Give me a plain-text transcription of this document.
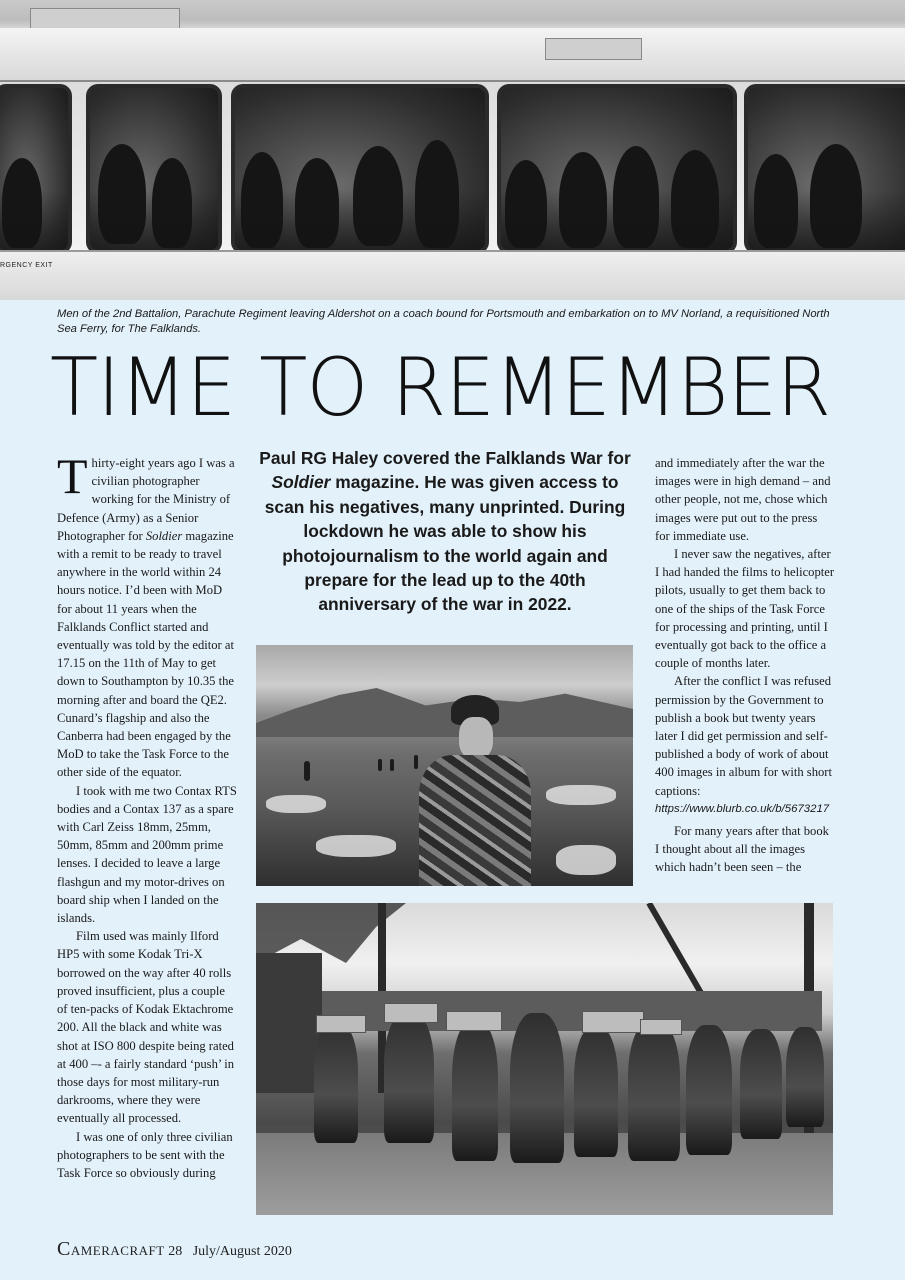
RGENCY EXIT
Men of the 2nd Battalion, Parachute Regiment leaving Aldershot on a coach bound for Portsmouth and embarkation on to MV Norland, a requisitioned North Sea Ferry, for The Falklands.
TIME TO REMEMBER

Thirty-eight years ago I was a civilian photographer working for the Ministry of Defence (Army) as a Senior Photographer for Soldier magazine with a remit to be ready to travel anywhere in the world within 24 hours notice. I’d been with MoD for about 11 years when the Falklands Conflict started and eventually was told by the editor at 17.15 on the 11th of May to get down to Southampton by 10.35 the morning after and board the QE2. Cunard’s flagship and also the Canberra had been engaged by the MoD to take the Task Force to the other side of the equator.

I took with me two Contax RTS bodies and a Contax 137 as a spare with Carl Zeiss 18mm, 25mm, 50mm, 85mm and 200mm prime lenses. I decided to leave a large flashgun and my motor-drives on board ship when I landed on the islands.

Film used was mainly Ilford HP5 with some Kodak Tri-X borrowed on the way after 40 rolls proved insufficient, plus a couple of ten-packs of Kodak Ektachrome 200. All the black and white was shot at ISO 800 despite being rated at 400 –- a fairly standard ‘push’ in those days for most military-run darkrooms, where they were eventually all processed.

I was one of only three civilian photographers to be sent with the Task Force so obviously during

Paul RG Haley covered the Falklands War for Soldier magazine. He was given access to scan his negatives, many unprinted. During lockdown he was able to show his photojournalism to the world again and prepare for the lead up to the 40th anniversary of the war in 2022.

and immediately after the war the images were in high demand – and other people, not me, chose which images were put out to the press for immediate use.

I never saw the negatives, after I had handed the films to helicopter pilots, usually to get them back to one of the ships of the Task Force for processing and printing, until I eventually got back to the office a couple of months later.

After the conflict I was refused permission by the Government to publish a book but twenty years later I did get permission and self-published a body of work of about 400 images in album for with short captions:

https://www.blurb.co.uk/b/5673217

For many years after that book I thought about all the images which hadn’t been seen – the

CAMERACRAFT 28 July/August 2020
